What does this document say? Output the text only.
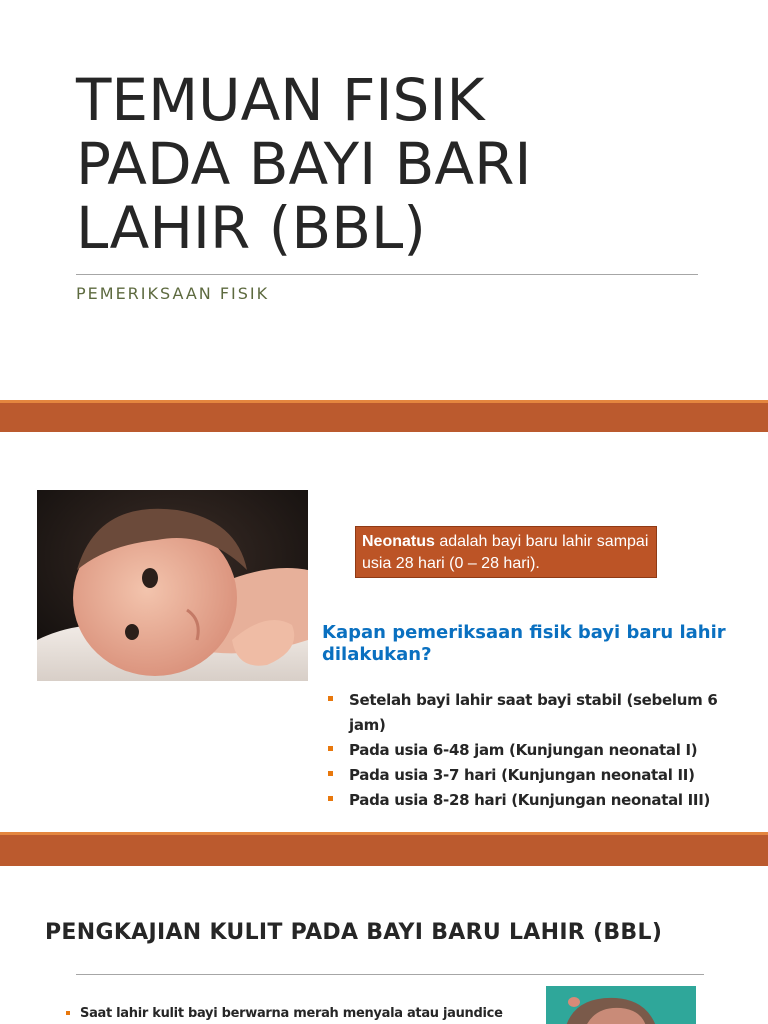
TEMUAN FISIK
PADA BAYI BARI
LAHIR (BBL)
PEMERIKSAAN FISIK
Neonatus adalah bayi baru lahir sampai usia 28 hari (0 – 28 hari).
Kapan pemeriksaan fisik bayi baru lahir dilakukan?
Setelah bayi lahir saat bayi stabil (sebelum 6 jam)
Pada usia 6-48 jam (Kunjungan neonatal I)
Pada usia 3-7 hari (Kunjungan neonatal II)
Pada usia 8-28 hari (Kunjungan neonatal III)
PENGKAJIAN KULIT PADA BAYI BARU LAHIR (BBL)
Saat lahir kulit bayi berwarna merah menyala atau jaundice
